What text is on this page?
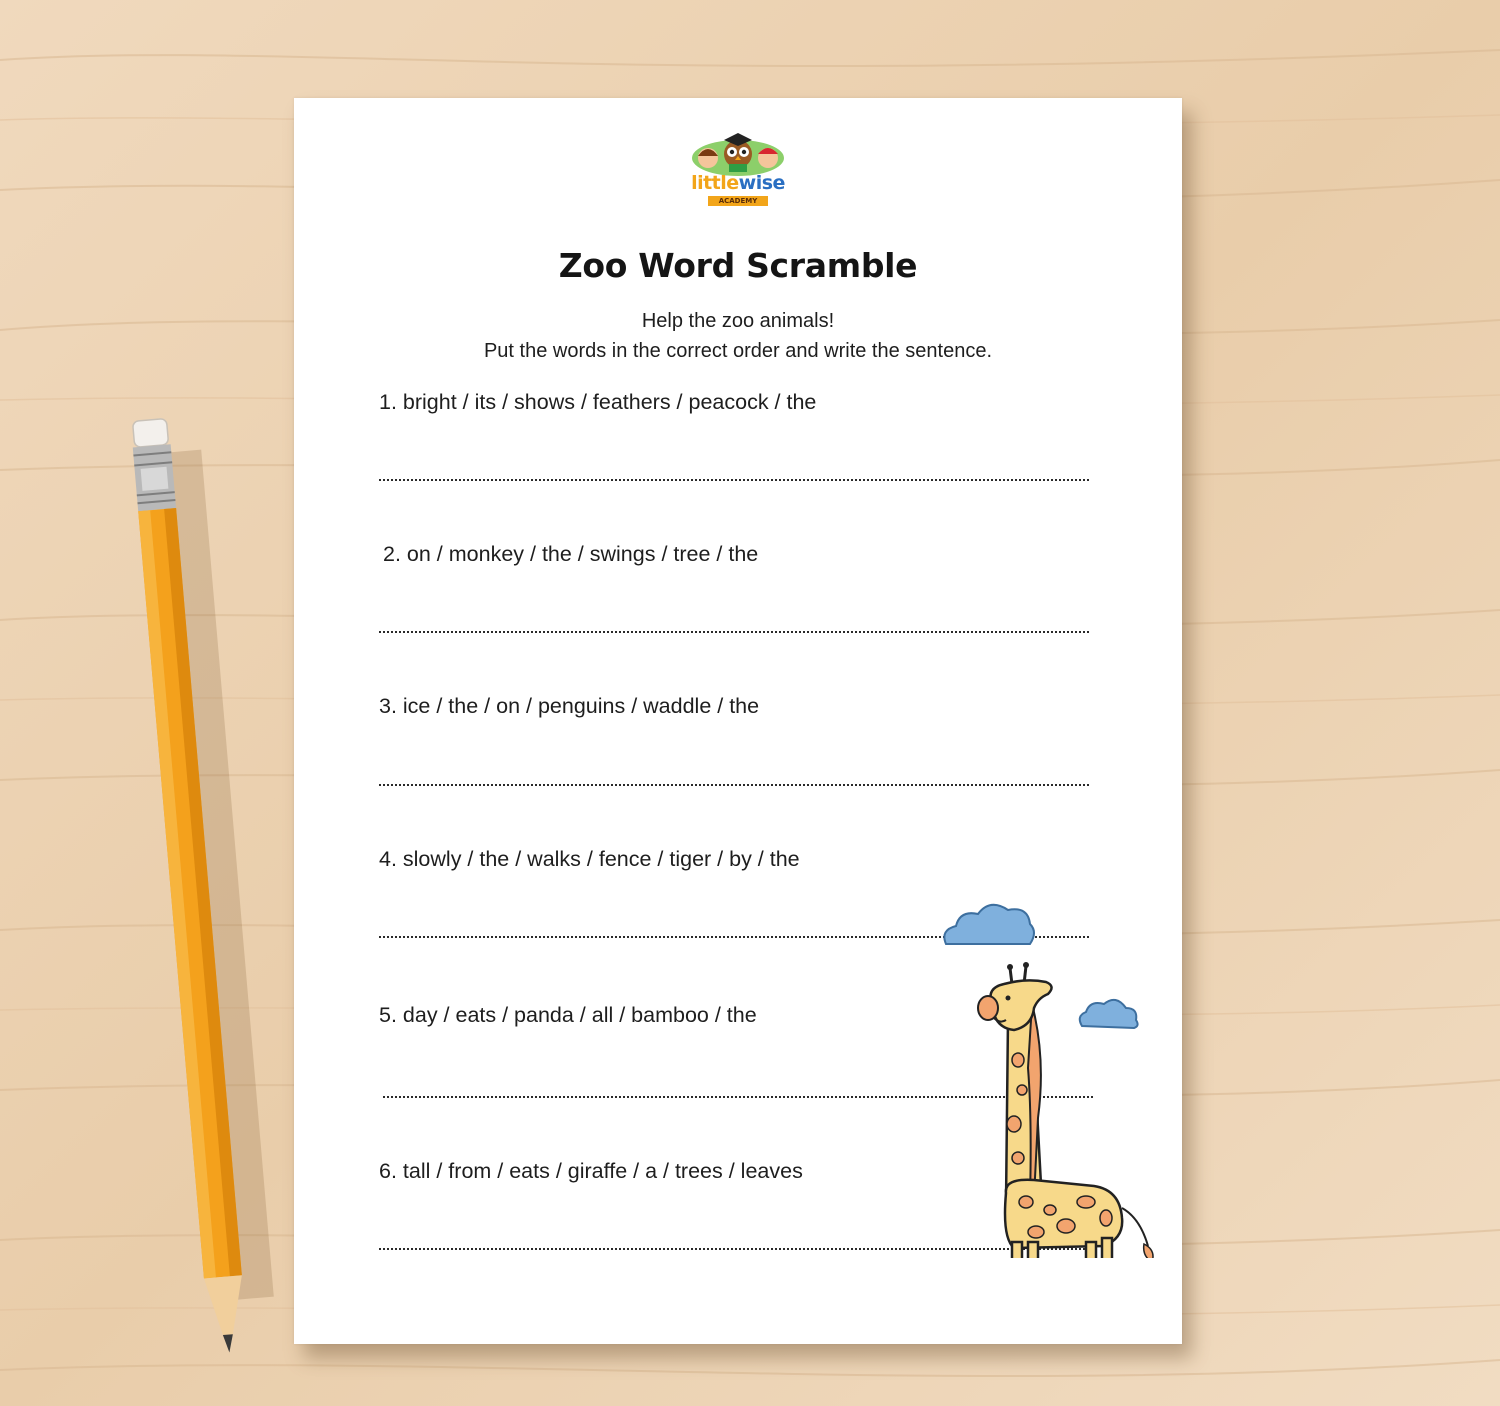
littlewise
ACADEMY
Zoo Word Scramble
Help the zoo animals!
Put the words in the correct order and write the sentence.
1. bright / its / shows / feathers / peacock / the
2. on / monkey / the / swings / tree / the
3. ice / the / on / penguins / waddle / the
4. slowly / the / walks / fence / tiger / by / the
5. day / eats / panda / all / bamboo / the
6. tall / from / eats / giraffe / a / trees / leaves
